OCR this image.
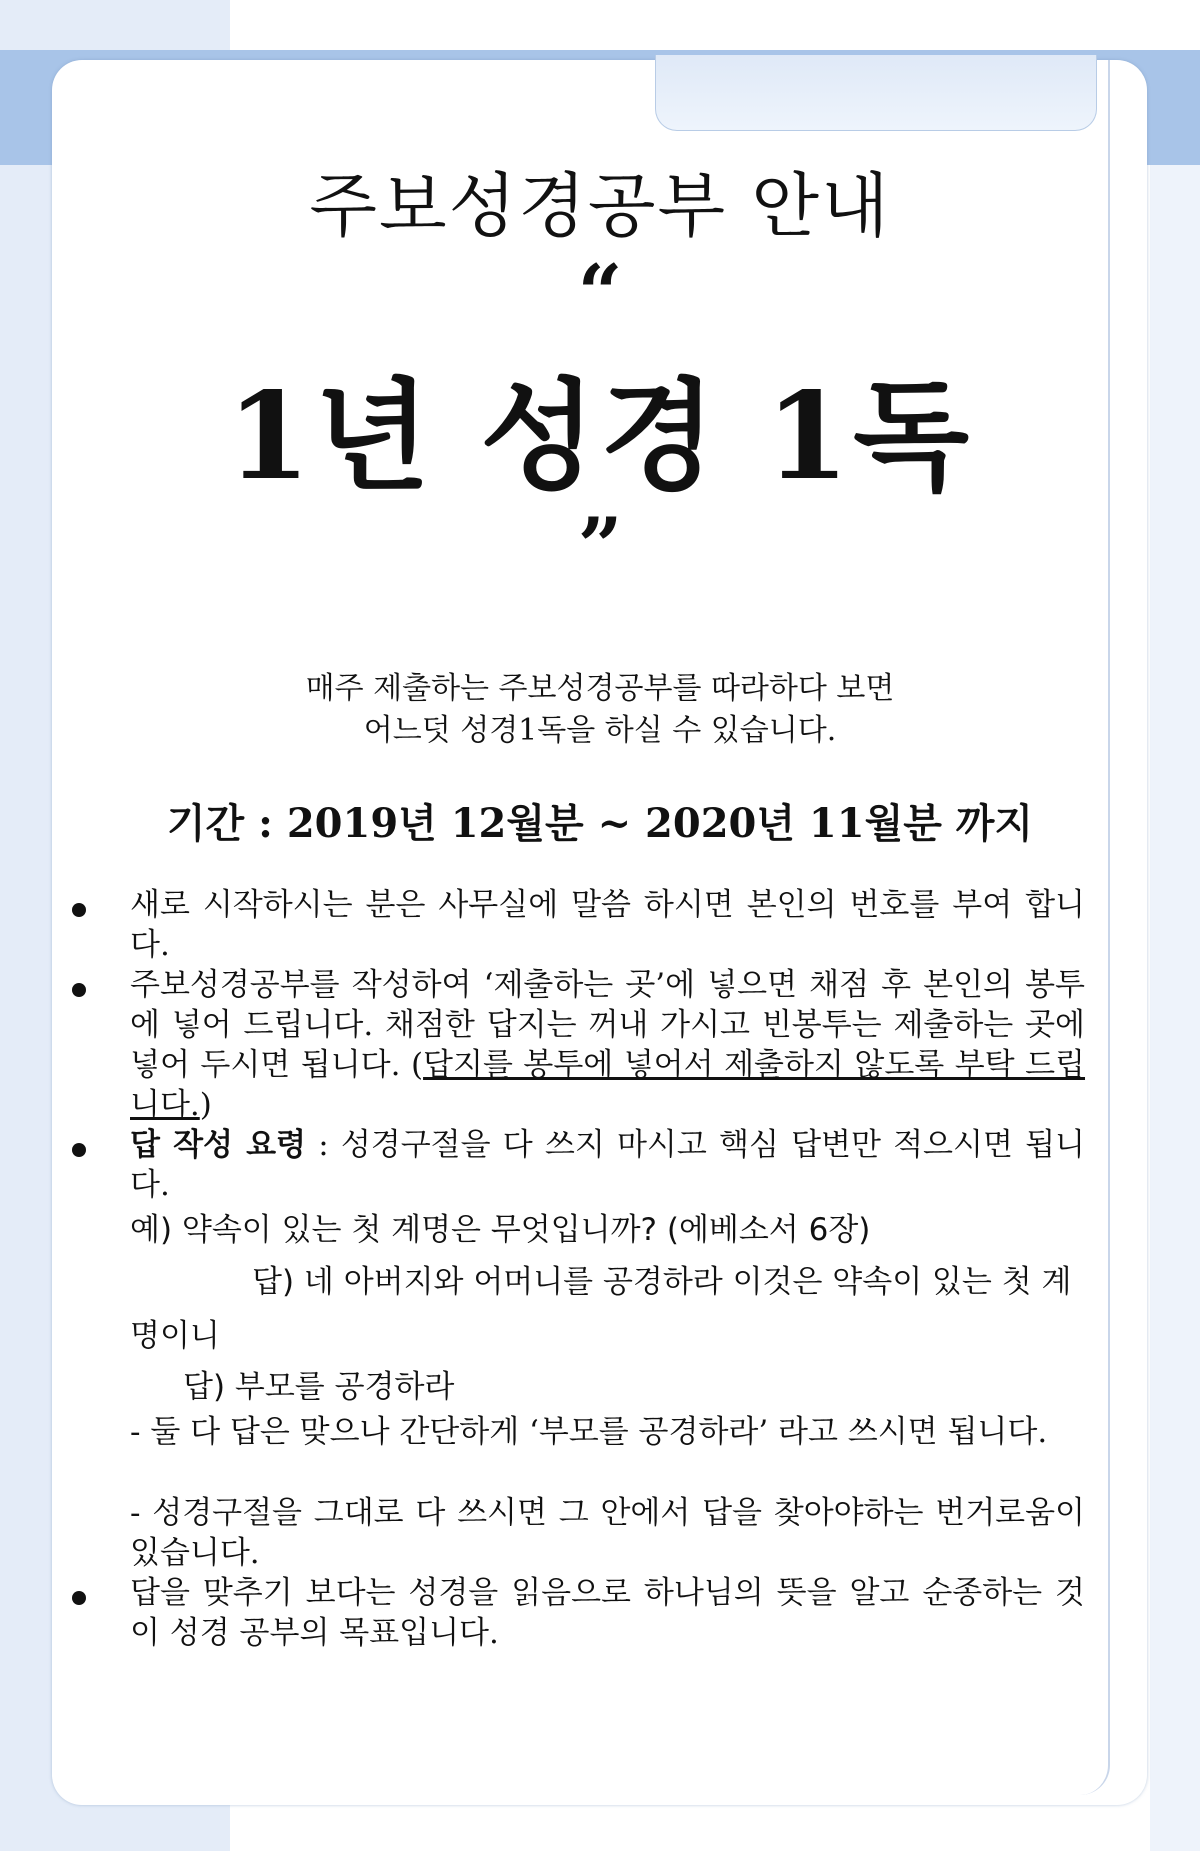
주보성경공부 안내
“
1년 성경 1독
”
매주 제출하는 주보성경공부를 따라하다 보면
어느덧 성경1독을 하실 수 있습니다.
기간 : 2019년 12월분 ~ 2020년 11월분 까지
새로 시작하시는 분은 사무실에 말씀 하시면 본인의 번호를 부여 합니다.
주보성경공부를 작성하여 ‘제출하는 곳’에 넣으면 채점 후 본인의 봉투에 넣어 드립니다. 채점한 답지는 꺼내 가시고 빈봉투는 제출하는 곳에 넣어 두시면 됩니다. (답지를 봉투에 넣어서 제출하지 않도록 부탁 드립니다.)
답 작성 요령 : 성경구절을 다 쓰지 마시고 핵심 답변만 적으시면 됩니다.
예) 약속이 있는 첫 계명은 무엇입니까? (에베소서 6장)
답) 네 아버지와 어머니를 공경하라 이것은 약속이 있는 첫 계
명이니
답) 부모를 공경하라
- 둘 다 답은 맞으나 간단하게 ‘부모를 공경하라’ 라고 쓰시면 됩니다.
- 성경구절을 그대로 다 쓰시면 그 안에서 답을 찾아야하는 번거로움이 있습니다.
답을 맞추기 보다는 성경을 읽음으로 하나님의 뜻을 알고 순종하는 것이 성경 공부의 목표입니다.
